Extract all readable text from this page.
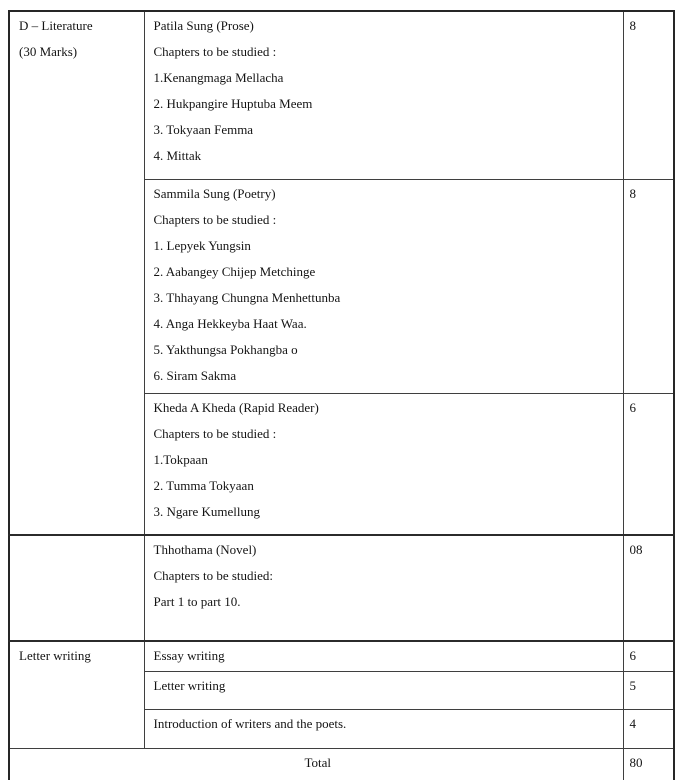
D – Literature
(30 Marks)

Patila Sung (Prose)
Chapters to be studied :
1.Kenangmaga Mellacha
2. Hukpangire Huptuba Meem
3. Tokyaan Femma
4. Mittak
	8

Sammila Sung (Poetry)
Chapters to be studied :
1. Lepyek Yungsin
2. Aabangey Chijep Metchinge
3. Thhayang Chungna Menhettunba
4. Anga Hekkeyba Haat Waa.
5. Yakthungsa Pokhangba o
6. Siram Sakma
	8

	Kheda A Kheda (Rapid Reader)
Chapters to be studied :
1.Tokpaan
2. Tumma Tokyaan
3. Ngare Kumellung	6

	Thhothama (Novel)
Chapters to be studied:
Part 1 to part 10.	08

Letter writing	Essay writing	6

	Letter writing	5

	Introduction of writers and the poets.	4
Total		80
